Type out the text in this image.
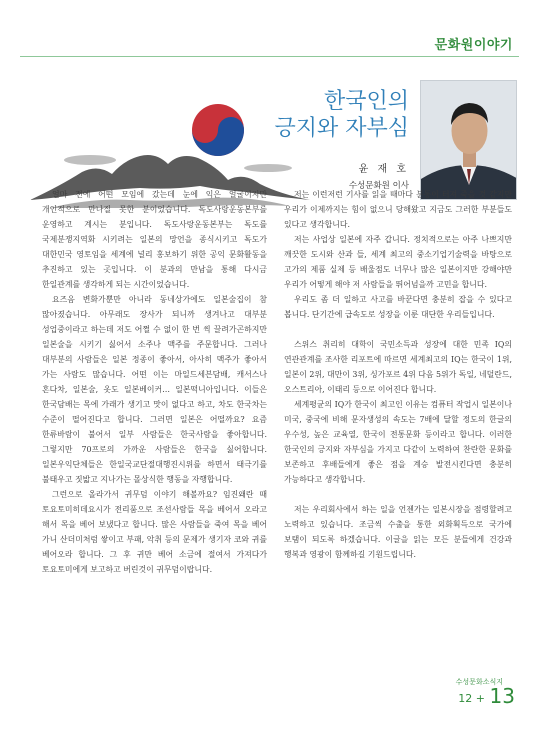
문화원이야기
한국인의
긍지와 자부심
윤 재 호
수성문화원 이사

얼마 전에 어떤 모임에 갔는데 눈에 익은 얼굴이지만 개인적으로 만나질 못한 분이었습니다. 독도사랑운동본부를 운영하고 계시는 분입니다. 독도사랑운동본부는 독도를 국제분쟁지역화 시키려는 일본의 망언을 종식시키고 독도가 대한민국 영토임을 세계에 널리 홍보하기 위한 공익 문화활동을 추진하고 있는 곳입니다. 이 분과의 만남을 통해 다시금 한일관계를 생각하게 되는 시간이었습니다.

요즈음 변화가뿐만 아니라 동네상가에도 일본술집이 참 많아졌습니다. 아무래도 장사가 되니까 생겨나고 대부분 성업중이라고 하는데 저도 어쩔 수 없이 한 번 씩 끌려가곤하지만 일본술을 시키기 싫어서 소주나 맥주를 주문합니다. 그러나 대부분의 사람들은 일본 정종이 좋아서, 아사히 맥주가 좋아서 가는 사람도 많습니다. 어떤 이는 마일드세븐담배, 캐서스나 혼다차, 일본술, 옷도 일본베이커… 일본떡니아입니다. 이들은 한국담배는 목에 가래가 생기고 맛이 없다고 하고, 차도 한국차는 수준이 떨어진다고 합니다. 그러면 일본은 어떨까요? 요즘 한류바람이 불어서 일부 사람들은 한국사람을 좋아합니다. 그렇지만 70프로의 가까운 사람들은 한국을 싫어합니다. 일본우익단체들은 한일국교단절대행진시위를 하면서 태극기를 불태우고 짓밟고 지나가는 몰상식한 행동을 자행합니다.

그런으로 올라가서 귀무덤 이야기 해볼까요? 임진왜란 때 토요토미히데요시가 전리품으로 조선사람들 목을 베어서 오라고 해서 목을 베어 보냈다고 합니다. 많은 사람들을 죽여 목을 베어 가니 산더미처럼 쌓이고 부패, 악취 등의 문제가 생기자 코와 귀를 베어오라 합니다. 그 후 귀만 베어 소금에 절여서 가져다가 토요토미에게 보고하고 버린것이 귀무덤이랍니다.

저는 이런저런 기사를 읽을 때마다 분통이 터져 죽을 것 같지만 우리가 이제까지는 힘이 없으니 당해왔고 지금도 그러한 부분들도 있다고 생각합니다.

저는 사업상 일본에 자주 갑니다. 정치적으로는 아주 나쁘지만 깨끗한 도시와 산과 들, 세계 최고의 중소기업기술력을 바탕으로 고가의 제품 실제 등 배울점도 너무나 많은 일본이지만 강해야만 우리가 어떻게 해야 저 사람들을 뛰어넘을까 고민을 합니다.

우리도 좀 더 일하고 사고를 바꾼다면 충분히 잡을 수 있다고 봅니다. 단기간에 급속도로 성장을 이룬 대단한 우리들입니다.

스위스 취리히 대학이 국민소득과 성장에 대한 민족 IQ의 연관관계를 조사한 리포트에 따르면 세계최고의 IQ는 한국이 1위, 일본이 2위, 대만이 3위, 싱가포르 4위 다음 5위가 독일, 네덜란드, 오스트리아, 이태리 등으로 이어진다 합니다.

세계평균의 IQ가 한국이 최고인 이유는 컴퓨터 작업시 일본이나 미국, 중국에 비해 문자생성의 속도는 7배에 달할 정도의 한글의 우수성, 높은 교육열, 한국이 전통문화 등이라고 합니다. 이러한 한국인의 긍지와 자부심을 가지고 다같이 노력하여 찬란한 문화를 보존하고 후배들에게 좋은 점을 계승 발전시킨다면 충분히 가능하다고 생각합니다.

저는 우리회사에서 하는 일을 언젠가는 일본시장을 점령할려고 노력하고 있습니다. 조금씩 수출을 통한 외화획득으로 국가에 보탬이 되도록 하겠습니다. 이글을 읽는 모든 분들에게 건강과 행복과 영광이 함께하길 기원드립니다.

수성문화소식지
12 + 13
